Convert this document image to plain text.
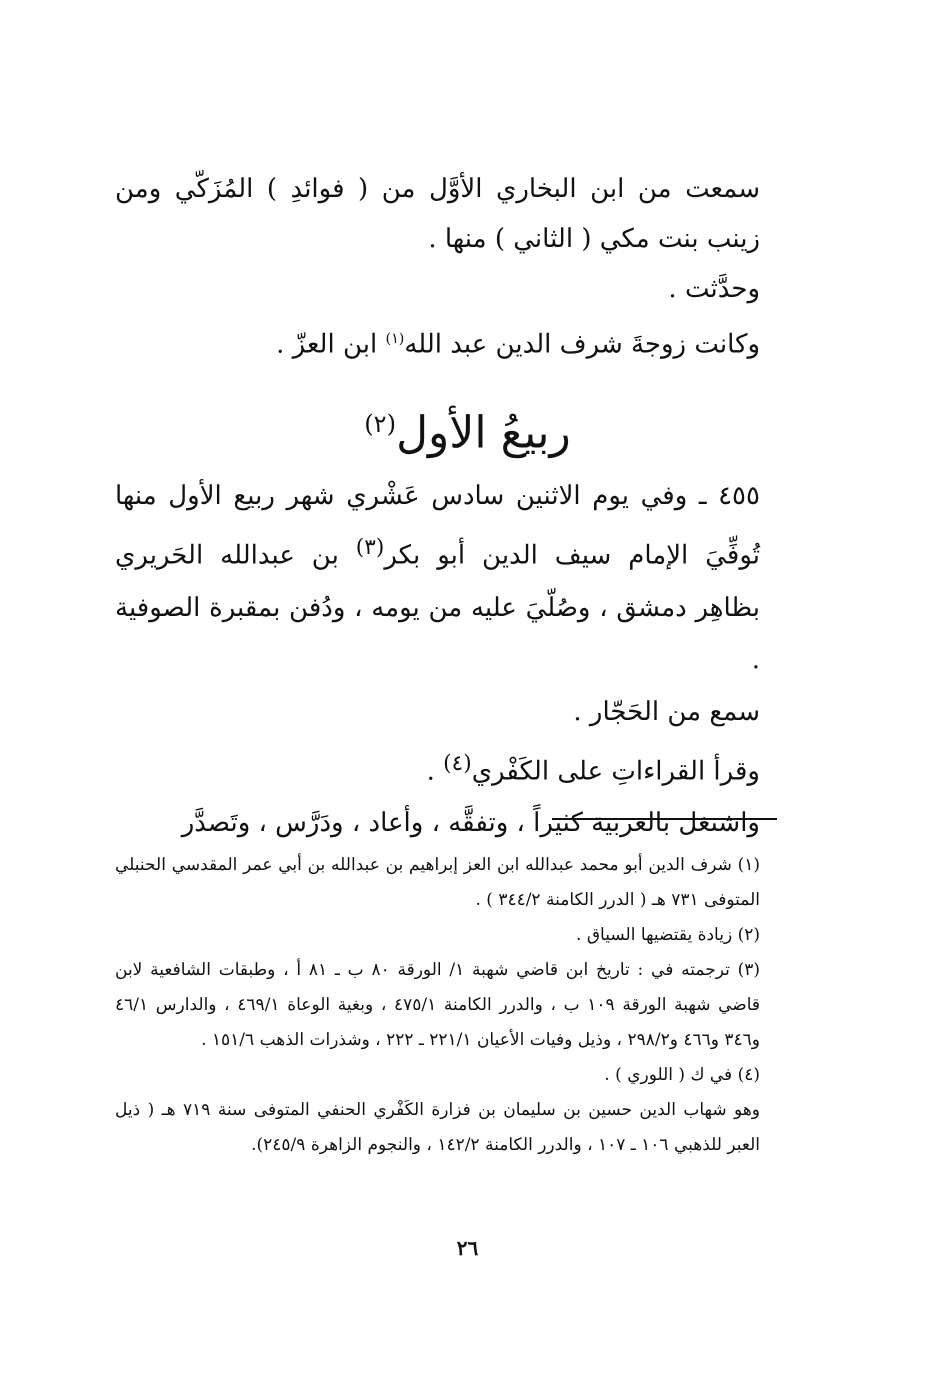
سمعت من ابن البخاري الأوَّل من ( فوائدِ ) المُزَكّي ومن زينب بنت مكي ( الثاني ) منها .

وحدَّثت .

وكانت زوجةَ شرف الدين عبد الله$^{(١)}$ ابن العزّ .

ربيعُ الأول$^{(٢)}$

٤٥٥ ـ وفي يوم الاثنين سادس عَشْري شهر ربيع الأول منها تُوفِّيَ الإمام سيف الدين أبو بكر$^{(٣)}$ بن عبدالله الحَريري بظاهِر دمشق ، وصُلّيَ عليه من يومه ، ودُفن بمقبرة الصوفية .

سمع من الحَجّار .

وقرأ القراءاتِ على الكَفْري$^{(٤)}$ .

واشتغل بالعربية كثيراً ، وتفقَّه ، وأعاد ، ودَرَّس ، وتَصدَّر

(١) شرف الدين أبو محمد عبدالله ابن العز إبراهيم بن عبدالله بن أبي عمر المقدسي الحنبلي المتوفى ٧٣١ هـ ( الدرر الكامنة ٣٤٤/٢ ) .

(٢) زيادة يقتضيها السياق .

(٣) ترجمته في : تاريخ ابن قاضي شهبة ١/ الورقة ٨٠ ب ـ ٨١ أ ، وطبقات الشافعية لابن قاضي شهبة الورقة ١٠٩ ب ، والدرر الكامنة ٤٧٥/١ ، وبغية الوعاة ٤٦٩/١ ، والدارس ٤٦/١ و٣٤٦ و٤٦٦ و٢٩٨/٢ ، وذيل وفيات الأعيان ٢٢١/١ ـ ٢٢٢ ، وشذرات الذهب ١٥١/٦ .

(٤) في ك ( اللوري ) .

وهو شهاب الدين حسين بن سليمان بن فزارة الكَفْري الحنفي المتوفى سنة ٧١٩ هـ ( ذيل العبر للذهبي ١٠٦ ـ ١٠٧ ، والدرر الكامنة ١٤٢/٢ ، والنجوم الزاهرة ٢٤٥/٩).

٢٦
